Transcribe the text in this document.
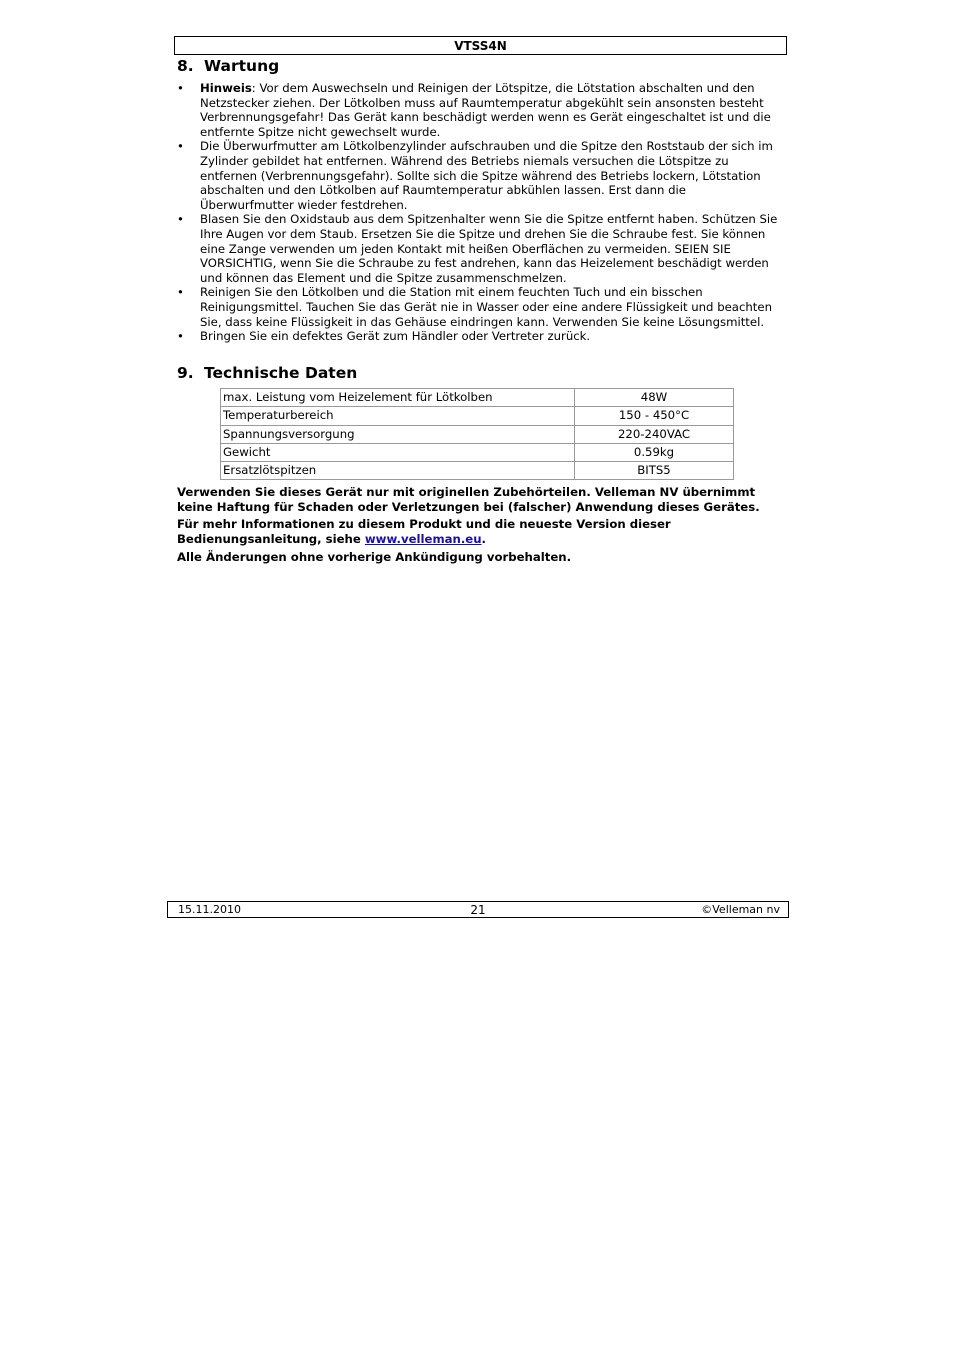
VTSS4N
8. Wartung
• Hinweis: Vor dem Auswechseln und Reinigen der Lötspitze, die Lötstation abschalten und den Netzstecker ziehen. Der Lötkolben muss auf Raumtemperatur abgekühlt sein ansonsten besteht Verbrennungsgefahr! Das Gerät kann beschädigt werden wenn es Gerät eingeschaltet ist und die entfernte Spitze nicht gewechselt wurde.
• Die Überwurfmutter am Lötkolbenzylinder aufschrauben und die Spitze den Roststaub der sich im Zylinder gebildet hat entfernen. Während des Betriebs niemals versuchen die Lötspitze zu entfernen (Verbrennungsgefahr). Sollte sich die Spitze während des Betriebs lockern, Lötstation abschalten und den Lötkolben auf Raumtemperatur abkühlen lassen. Erst dann die Überwurfmutter wieder festdrehen.
• Blasen Sie den Oxidstaub aus dem Spitzenhalter wenn Sie die Spitze entfernt haben. Schützen Sie Ihre Augen vor dem Staub. Ersetzen Sie die Spitze und drehen Sie die Schraube fest. Sie können eine Zange verwenden um jeden Kontakt mit heißen Oberflächen zu vermeiden. SEIEN SIE VORSICHTIG, wenn Sie die Schraube zu fest andrehen, kann das Heizelement beschädigt werden und können das Element und die Spitze zusammenschmelzen.
• Reinigen Sie den Lötkolben und die Station mit einem feuchten Tuch und ein bisschen Reinigungsmittel. Tauchen Sie das Gerät nie in Wasser oder eine andere Flüssigkeit und beachten Sie, dass keine Flüssigkeit in das Gehäuse eindringen kann. Verwenden Sie keine Lösungsmittel.
• Bringen Sie ein defektes Gerät zum Händler oder Vertreter zurück.
9. Technische Daten
max. Leistung vom Heizelement für Lötkolben	48W
Temperaturbereich	150 - 450°C
Spannungsversorgung	220-240VAC
Gewicht	0.59kg
Ersatzlötspitzen	BITS5

Verwenden Sie dieses Gerät nur mit originellen Zubehörteilen. Velleman NV übernimmt keine Haftung für Schaden oder Verletzungen bei (falscher) Anwendung dieses Gerätes.

Für mehr Informationen zu diesem Produkt und die neueste Version dieser Bedienungsanleitung, siehe www.velleman.eu.

Alle Änderungen ohne vorherige Ankündigung vorbehalten.

15.11.2010	21	©Velleman nv
